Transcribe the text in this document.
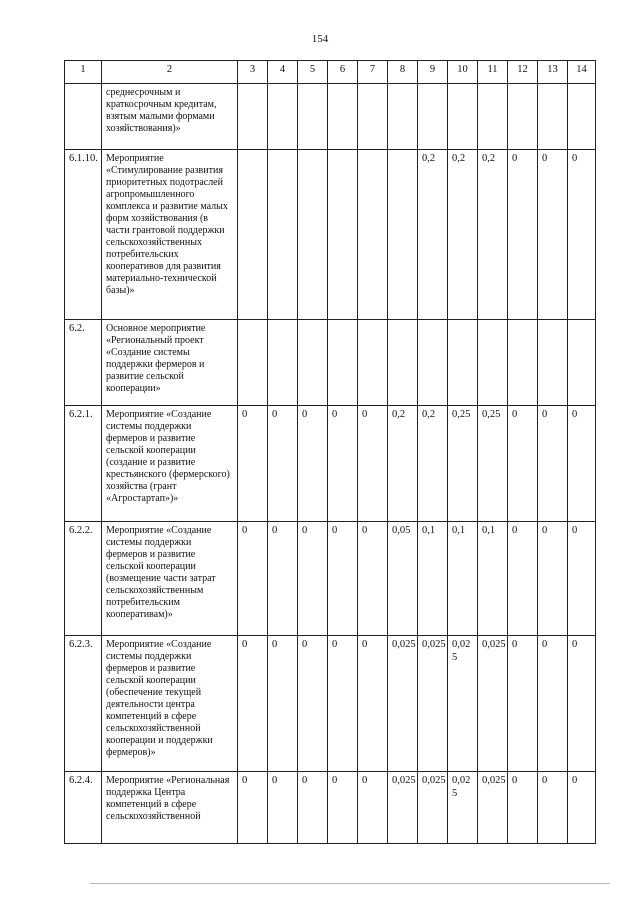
154
1	2	3	4	5	6	7	8	9	10	11	12	13	14
	среднесрочным и краткосрочным кредитам, взятым малыми формами хозяйствования)»												
6.1.10.	Мероприятие «Стимулирование развития приоритетных подотраслей агропромышленного комплекса и развитие малых форм хозяйствования (в части грантовой поддержки сельскохозяйственных потребительских кооперативов для развития материально-технической базы)»							0,2	0,2	0,2	0	0	0
6.2.	Основное мероприятие «Региональный проект «Создание системы поддержки фермеров и развитие сельской кооперации»												
6.2.1.	Мероприятие «Создание системы поддержки фермеров и развитие сельской кооперации (создание и развитие крестьянского (фермерского) хозяйства (грант «Агростартап»)»	0	0	0	0	0	0,2	0,2	0,25	0,25	0	0	0
6.2.2.	Мероприятие «Создание системы поддержки фермеров и развитие сельской кооперации (возмещение части затрат сельскохозяйственным потребительским кооперативам)»	0	0	0	0	0	0,05	0,1	0,1	0,1	0	0	0
6.2.3.	Мероприятие «Создание системы поддержки фермеров и развитие сельской кооперации (обеспечение текущей деятельности центра компетенций в сфере сельскохозяйственной кооперации и поддержки фермеров)»	0	0	0	0	0	0,025	0,025	0,025	0,025	0	0	0
6.2.4.	Мероприятие «Региональная поддержка Центра компетенций в сфере сельскохозяйственной	0	0	0	0	0	0,025	0,025	0,025	0,025	0	0	0
